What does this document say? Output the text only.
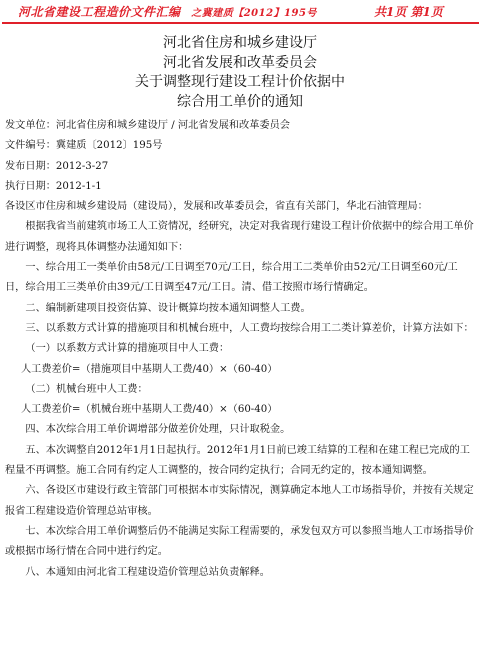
河北省建设工程造价文件汇编 之冀建质【2012】195号	共1页 第1页
河北省住房和城乡建设厅
河北省发展和改革委员会
关于调整现行建设工程计价依据中
综合用工单价的通知

发文单位：河北省住房和城乡建设厅 / 河北省发展和改革委员会

文件编号：冀建质〔2012〕195号

发布日期：2012-3-27

执行日期：2012-1-1

各设区市住房和城乡建设局（建设局），发展和改革委员会，省直有关部门，华北石油管理局：

根据我省当前建筑市场工人工资情况，经研究，决定对我省现行建设工程计价依据中的综合用工单价进行调整，现将具体调整办法通知如下：

一、综合用工一类单价由58元/工日调至70元/工日，综合用工二类单价由52元/工日调至60元/工日，综合用工三类单价由39元/工日调至47元/工日。清、借工按照市场行情确定。

二、编制新建项目投资估算、设计概算均按本通知调整人工费。

三、以系数方式计算的措施项目和机械台班中，人工费均按综合用工二类计算差价，计算方法如下：

（一）以系数方式计算的措施项目中人工费：

人工费差价=（措施项目中基期人工费/40）×（60-40）

（二）机械台班中人工费：

人工费差价=（机械台班中基期人工费/40）×（60-40）

四、本次综合用工单价调增部分做差价处理，只计取税金。

五、本次调整自2012年1月1日起执行。2012年1月1日前已竣工结算的工程和在建工程已完成的工程量不再调整。施工合同有约定人工调整的，按合同约定执行；合同无约定的，按本通知调整。

六、各设区市建设行政主管部门可根据本市实际情况，测算确定本地人工市场指导价，并按有关规定报省工程建设造价管理总站审核。

七、本次综合用工单价调整后仍不能满足实际工程需要的，承发包双方可以参照当地人工市场指导价或根据市场行情在合同中进行约定。

八、本通知由河北省工程建设造价管理总站负责解释。
